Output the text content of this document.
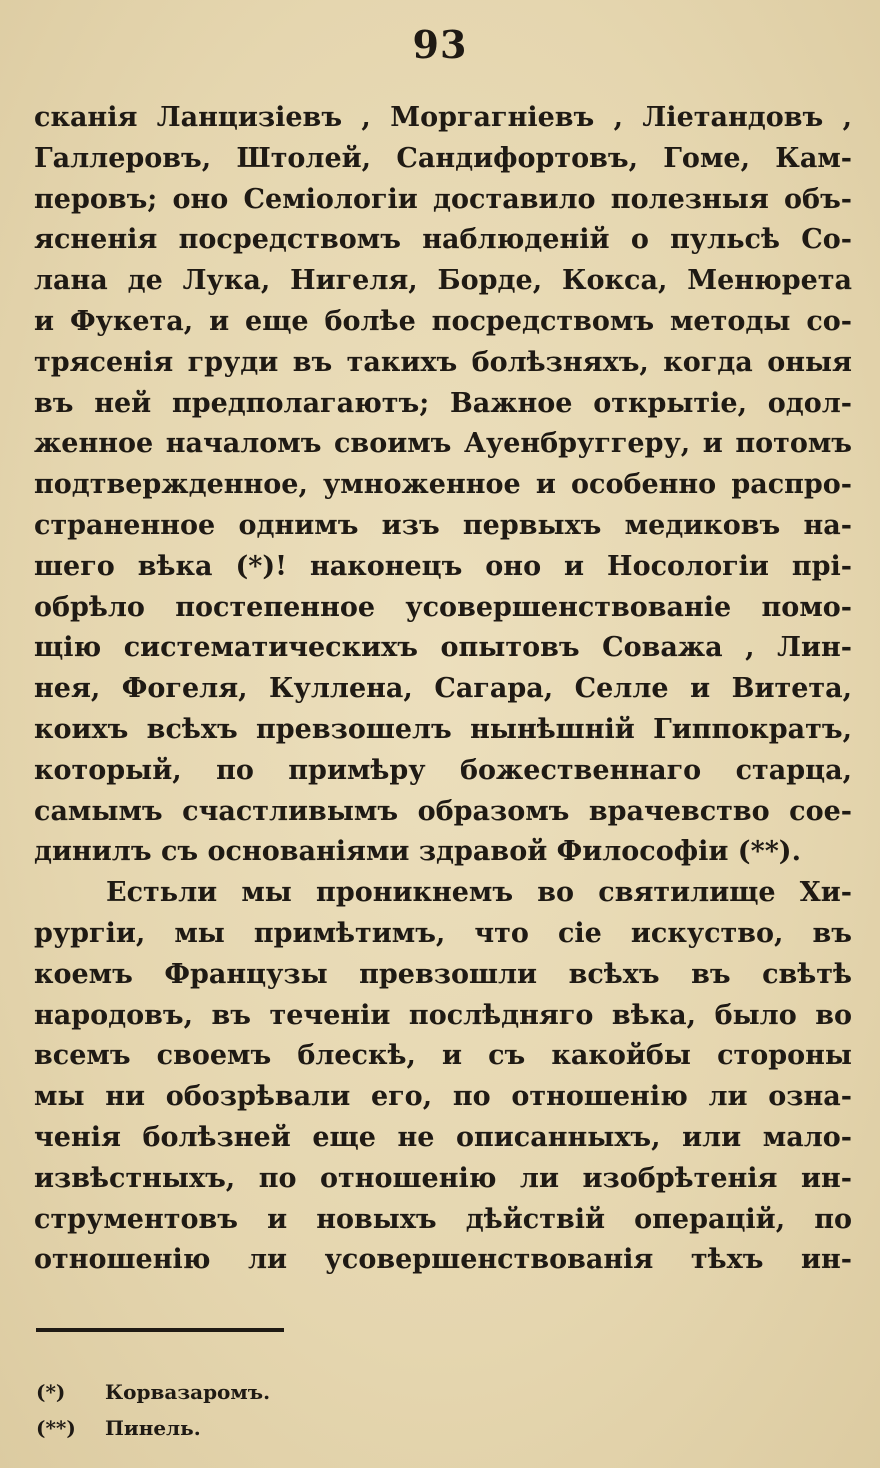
93
сканія Ланцизіевъ , Моргагніевъ , Ліетандовъ ,
Галлеровъ, Штолей, Сандифортовъ, Гоме, Кам-
перовъ; оно Семіологіи доставило полезныя объ-
ясненія посредствомъ наблюденій о пульсѣ Со-
лана де Лука, Нигеля, Борде, Кокса, Менюрета
и Фукета, и еще болѣе посредствомъ методы со-
трясенія груди въ такихъ болѣзняхъ, когда оныя
въ ней предполагаютъ; Важное открытіе, одол-
женное началомъ своимъ Ауенбруггеру, и потомъ
подтвержденное, умноженное и особенно распро-
страненное однимъ изъ первыхъ медиковъ на-
шего вѣка (*)! наконецъ оно и Носологіи прі-
обрѣло постепенное усовершенствованіе помо-
щію систематическихъ опытовъ Соважа , Лин-
нея, Фогеля, Куллена, Сагара, Селле и Витета,
коихъ всѣхъ превзошелъ нынѣшній Гиппократъ,
который, по примѣру божественнаго старца,
самымъ счастливымъ образомъ врачевство сое-
динилъ съ основаніями здравой Философіи (**).
Естьли мы проникнемъ во святилище Хи-
рургіи, мы примѣтимъ, что сіе искуство, въ
коемъ Французы превзошли всѣхъ въ свѣтѣ
народовъ, въ теченіи послѣдняго вѣка, было во
всемъ своемъ блескѣ, и съ какойбы стороны
мы ни обозрѣвали его, по отношенію ли озна-
ченія болѣзней еще не описанныхъ, или мало-
извѣстныхъ, по отношенію ли изобрѣтенія ин-
струментовъ и новыхъ дѣйствій операцій, по
отношенію ли усовершенствованія тѣхъ ин-
(*) Корвазаромъ.
(**) Пинель.
